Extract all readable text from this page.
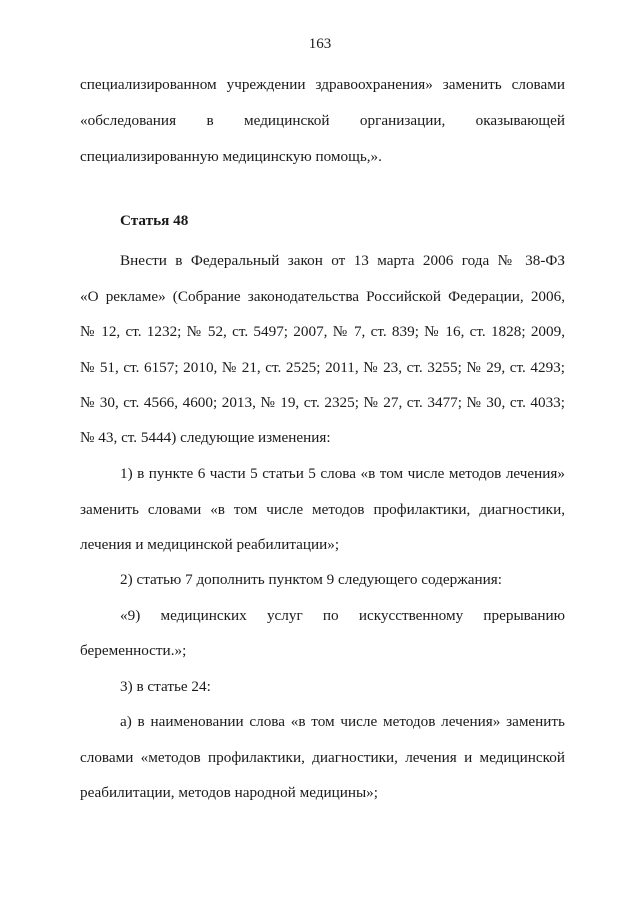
163
специализированном учреждении здравоохранения» заменить словами
«обследования в медицинской организации, оказывающей
специализированную медицинскую помощь,».
Статья 48
Внести в Федеральный закон от 13 марта 2006 года № 38-ФЗ
«О рекламе» (Собрание законодательства Российской Федерации, 2006,
№ 12, ст. 1232; № 52, ст. 5497; 2007, № 7, ст. 839; № 16, ст. 1828; 2009,
№ 51, ст. 6157; 2010, № 21, ст. 2525; 2011, № 23, ст. 3255; № 29, ст. 4293;
№ 30, ст. 4566, 4600; 2013, № 19, ст. 2325; № 27, ст. 3477; № 30, ст. 4033;
№ 43, ст. 5444) следующие изменения:
1) в пункте 6 части 5 статьи 5 слова «в том числе методов лечения»
заменить словами «в том числе методов профилактики, диагностики,
лечения и медицинской реабилитации»;
2) статью 7 дополнить пунктом 9 следующего содержания:
«9) медицинских услуг по искусственному прерыванию
беременности.»;
3) в статье 24:
а) в наименовании слова «в том числе методов лечения» заменить
словами «методов профилактики, диагностики, лечения и медицинской
реабилитации, методов народной медицины»;
